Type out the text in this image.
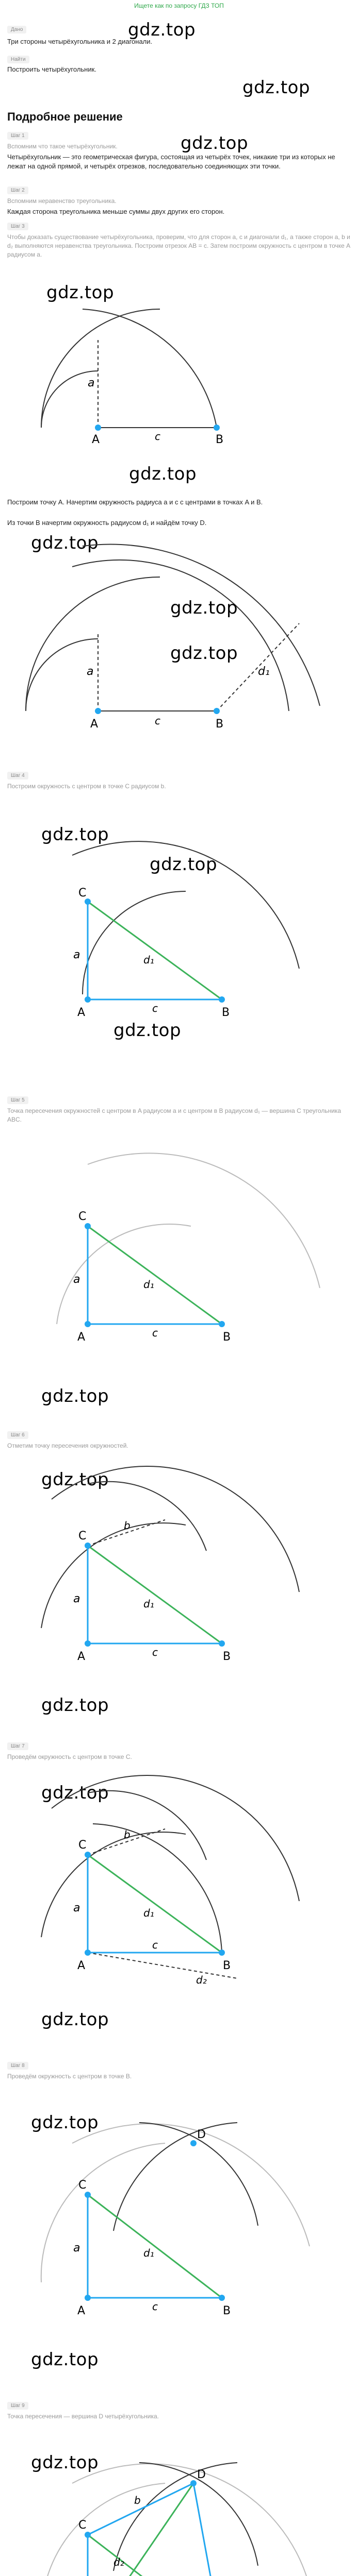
Ищете как по запросу ГДЗ ТОП
Дано	gdz.top
Три стороны четырёхугольника и 2 диагонали.
Найти
Построить четырёхугольник.
gdz.top
Подробное решение
Шаг 1
Вспомним что такое четырёхугольник.	gdz.top
Четырёхугольник — это геометрическая фигура, состоящая из четырёх точек, никакие три из которых не лежат на одной прямой, и четырёх отрезков, последовательно соединяющих эти точки.
Шаг 2
Вспомним неравенство треугольника.
Каждая сторона треугольника меньше суммы двух других его сторон.
Шаг 3
Чтобы доказать существование четырёхугольника, проверим, что для сторон a, c и диагонали d₁, а также сторон a, b и d₂ выполняются неравенства треугольника. Построим отрезок AB = c. Затем построим окружность с центром в точке A радиусом a.
gdz.top
A	B
c
a
gdz.top
Построим точку A. Начертим окружность радиуса a и c с центрами в точках A и B.
Из точки B начертим окружность радиусом d₁ и найдём точку D.
gdz.top
A	B
c
a	d₁
gdz.top
gdz.top
Шаг 4
Построим окружность с центром в точке C радиусом b.
gdz.top
A	B
C
c
a	d₁
gdz.top
gdz.top
Шаг 5
Точка пересечения окружностей с центром в A радиусом a и с центром в B радиусом d₁ — вершина C треугольника ABC.
A	B
C
c
a	d₁
gdz.top
Шаг 6
Отметим точку пересечения окружностей.
gdz.top
A	B
C
b
c
a	d₁
gdz.top
Шаг 7
Проведём окружность с центром в точке C.
gdz.top
A	B
C
b
c
a	d₁
d₂
gdz.top
Шаг 8
Проведём окружность с центром в точке B.
gdz.top
A	B
C
D
c
a	d₁
gdz.top
Шаг 9
Точка пересечения — вершина D четырёхугольника.
gdz.top
C
D
b
d₂
